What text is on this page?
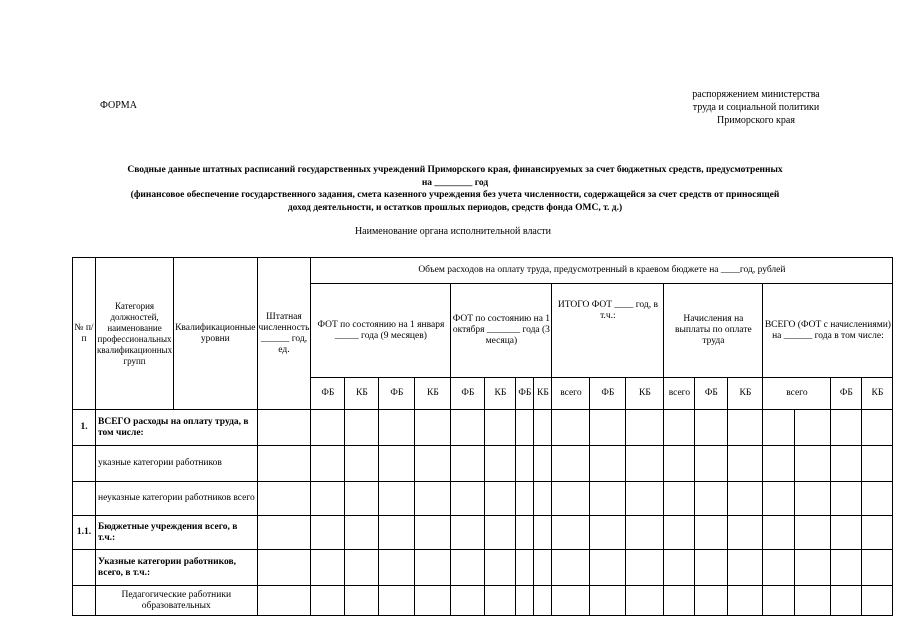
ФОРМА
распоряжением министерства
труда и социальной политики
Приморского края
Сводные данные штатных расписаний государственных учреждений Приморского края, финансируемых за счет бюджетных средств, предусмотренных
на ________ год
(финансовое обеспечение государственного задания, смета казенного учреждения без учета численности, содержащейся за счет средств от приносящей
доход деятельности, и остатков прошлых периодов, средств фонда ОМС, т. д.)
Наименование органа исполнительной власти
№ п/п	Категория должностей, наименование профессиональных квалификационных групп	Квалификационные уровни	Штатная численность ______ год, ед.	Объем расходов на оплату труда, предусмотренный в краевом бюджете на ____год, рублей																	
				ФОТ по состоянию на 1 января _____ года (9 месяцев)				ФОТ по состоянию на 1 октября _______ года (3 месяца)				ИТОГО ФОТ ____ год, в т.ч.:			Начисления на выплаты по оплате труда			ВСЕГО (ФОТ с начислениями) на ______ года в том числе:			
				ФБ	КБ	ФБ	КБ	ФБ	КБ	ФБ	КБ	всего	ФБ	КБ	всего	ФБ	КБ	всего		ФБ	КБ
1.	ВСЕГО расходы на оплату труда, в том числе:																				
	указные категории работников																				
	неуказные категории работников всего																				
1.1.	Бюджетные учреждения всего, в т.ч.:																				
	Указные категории работников, всего, в т.ч.:																				
	Педагогические работники образовательных																				
